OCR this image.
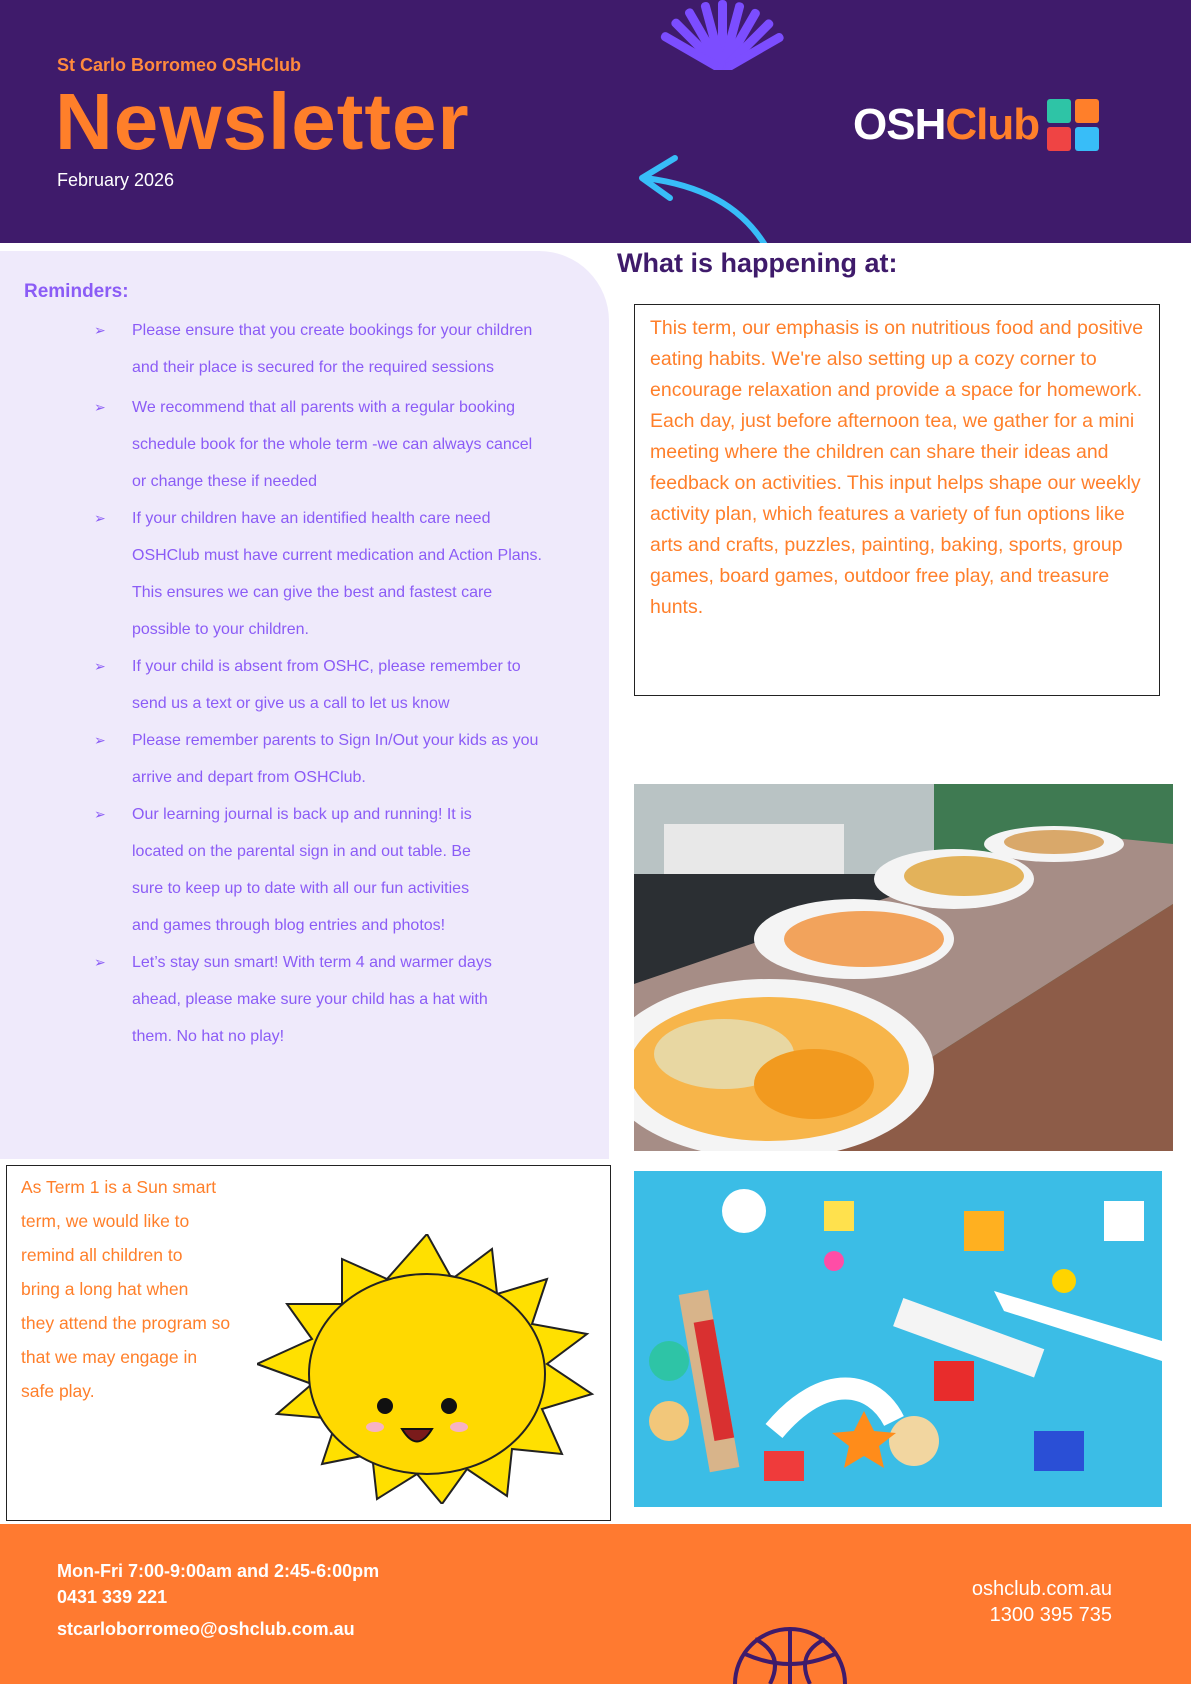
St Carlo Borromeo OSHClub
Newsletter
February 2026
OSH Club
Reminders:
➢ Please ensure that you create bookings for your children
and their place is secured for the required sessions
➢ We recommend that all parents with a regular booking
schedule book for the whole term -we can always cancel
or change these if needed
➢ If your children have an identified health care need
OSHClub must have current medication and Action Plans.
This ensures we can give the best and fastest care
possible to your children.
➢ If your child is absent from OSHC, please remember to
send us a text or give us a call to let us know
➢ Please remember parents to Sign In/Out your kids as you
arrive and depart from OSHClub.
➢ Our learning journal is back up and running! It is
located on the parental sign in and out table. Be
sure to keep up to date with all our fun activities
and games through blog entries and photos!
➢ Let’s stay sun smart! With term 4 and warmer days
ahead, please make sure your child has a hat with
them. No hat no play!
What is happening at:
This term, our emphasis is on nutritious food and positive eating habits. We're also setting up a cozy corner to encourage relaxation and provide a space for homework. Each day, just before afternoon tea, we gather for a mini meeting where the children can share their ideas and feedback on activities. This input helps shape our weekly activity plan, which features a variety of fun options like arts and crafts, puzzles, painting, baking, sports, group games, board games, outdoor free play, and treasure hunts.
As Term 1 is a Sun smart
term, we would like to
remind all children to
bring a long hat when
they attend the program so
that we may engage in
safe play.
Mon-Fri 7:00-9:00am and 2:45-6:00pm
0431 339 221
stcarloborromeo@oshclub.com.au
oshclub.com.au
1300 395 735
